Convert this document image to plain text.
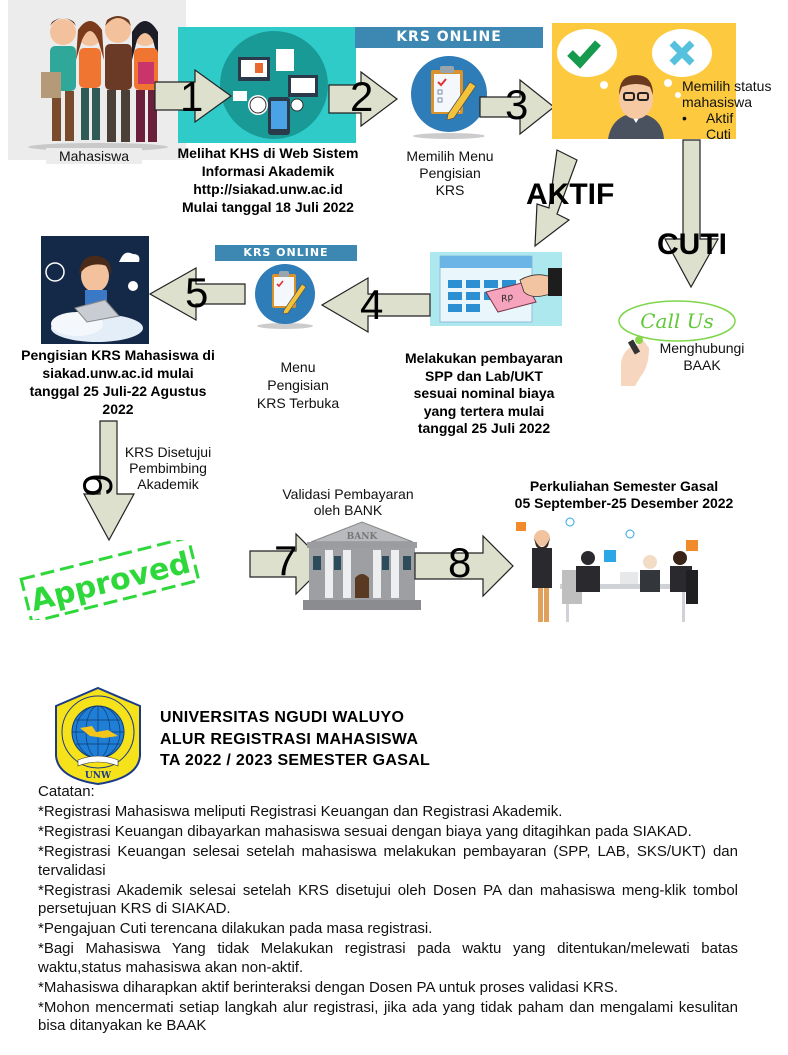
Mahasiswa
1
Melihat KHS di Web Sistem
Informasi Akademik
http://siakad.unw.ac.id
Mulai tanggal 18 Juli 2022
2
KRS ONLINE
Memilih Menu
Pengisian
KRS
3	Memilih status
mahasiswa
•	Aktif
Cuti
AKTIF
CUTI
Call Us
Menghubungi
BAAK
Rp
4
Melakukan pembayaran
SPP dan Lab/UKT
sesuai nominal biaya
yang tertera mulai
tanggal 25 Juli 2022
KRS ONLINE
Menu
Pengisian
KRS Terbuka
5
Pengisian KRS Mahasiswa di
siakad.unw.ac.id mulai
tanggal 25 Juli-22 Agustus
2022
6
KRS Disetujui
Pembimbing
Akademik
Approved 7
Validasi Pembayaran
oleh BANK
BANK
8
Perkuliahan Semester Gasal
05 September-25 Desember 2022
UNW
UNIVERSITAS NGUDI WALUYO
ALUR REGISTRASI MAHASISWA
TA 2022 / 2023 SEMESTER GASAL

Catatan:

*Registrasi Mahasiswa meliputi Registrasi Keuangan dan Registrasi Akademik.

*Registrasi Keuangan dibayarkan mahasiswa sesuai dengan biaya yang ditagihkan pada SIAKAD.

*Registrasi Keuangan selesai setelah mahasiswa melakukan pembayaran (SPP, LAB, SKS/UKT) dan tervalidasi

*Registrasi Akademik selesai setelah KRS disetujui oleh Dosen PA dan mahasiswa meng-klik tombol persetujuan KRS di SIAKAD.

*Pengajuan Cuti terencana dilakukan pada masa registrasi.

*Bagi Mahasiswa Yang tidak Melakukan registrasi pada waktu yang ditentukan/melewati batas waktu,status mahasiswa akan non-aktif.

*Mahasiswa diharapkan aktif berinteraksi dengan Dosen PA untuk proses validasi KRS.

*Mohon mencermati setiap langkah alur registrasi, jika ada yang tidak paham dan mengalami kesulitan bisa ditanyakan ke BAAK
